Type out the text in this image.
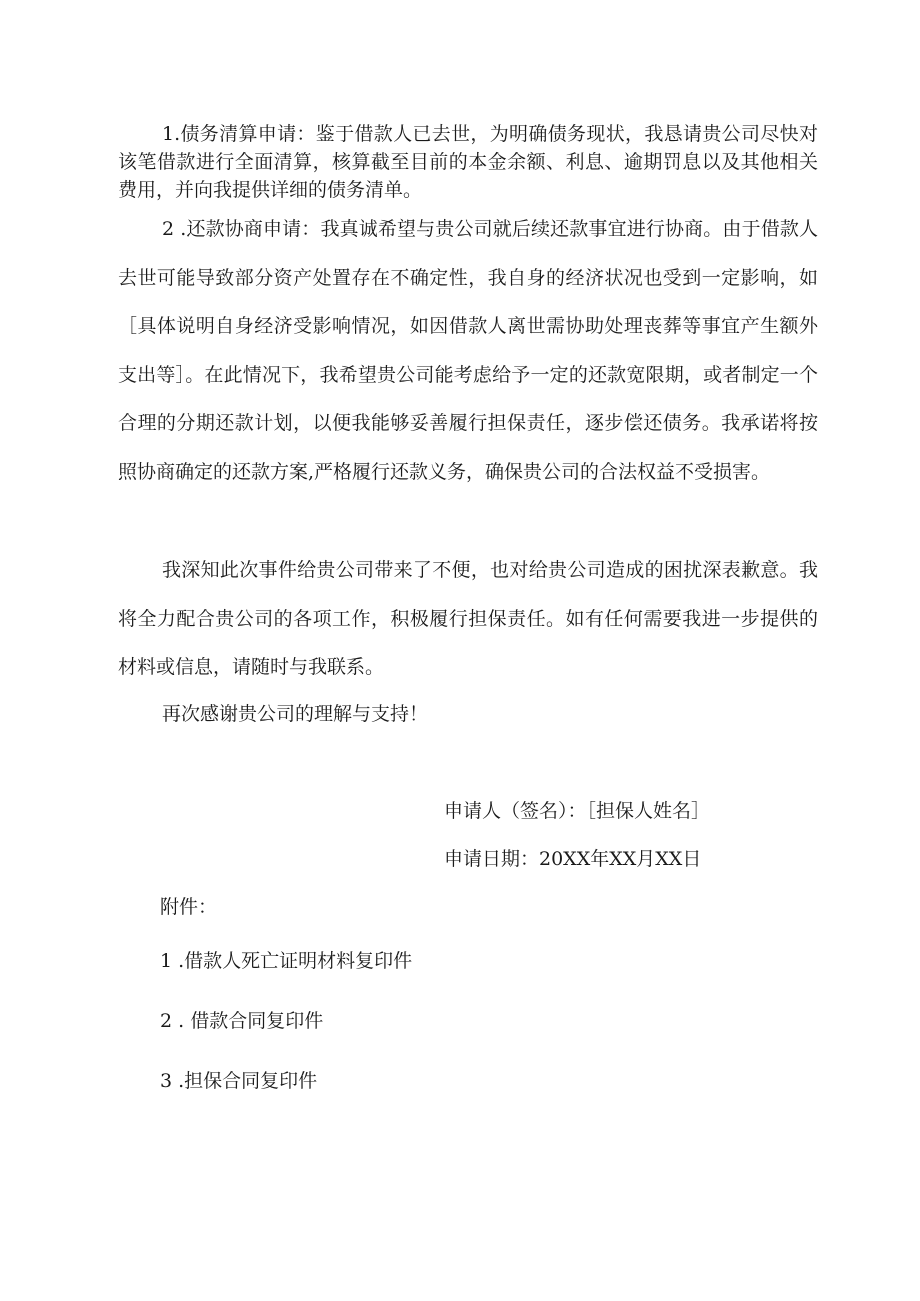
1.债务清算申请：鉴于借款人已去世，为明确债务现状，我恳请贵公司尽快对该笔借款进行全面清算，核算截至目前的本金余额、利息、逾期罚息以及其他相关费用，并向我提供详细的债务清单。

2 .还款协商申请：我真诚希望与贵公司就后续还款事宜进行协商。由于借款人去世可能导致部分资产处置存在不确定性，我自身的经济状况也受到一定影响，如［具体说明自身经济受影响情况，如因借款人离世需协助处理丧葬等事宜产生额外支出等］。在此情况下，我希望贵公司能考虑给予一定的还款宽限期，或者制定一个合理的分期还款计划，以便我能够妥善履行担保责任，逐步偿还债务。我承诺将按照协商确定的还款方案,严格履行还款义务，确保贵公司的合法权益不受损害。

我深知此次事件给贵公司带来了不便，也对给贵公司造成的困扰深表歉意。我将全力配合贵公司的各项工作，积极履行担保责任。如有任何需要我进一步提供的材料或信息，请随时与我联系。

再次感谢贵公司的理解与支持！

申请人（签名）：［担保人姓名］
申请日期：20XX年XX月XX日
附件：
1 .借款人死亡证明材料复印件
2 . 借款合同复印件
3 .担保合同复印件
